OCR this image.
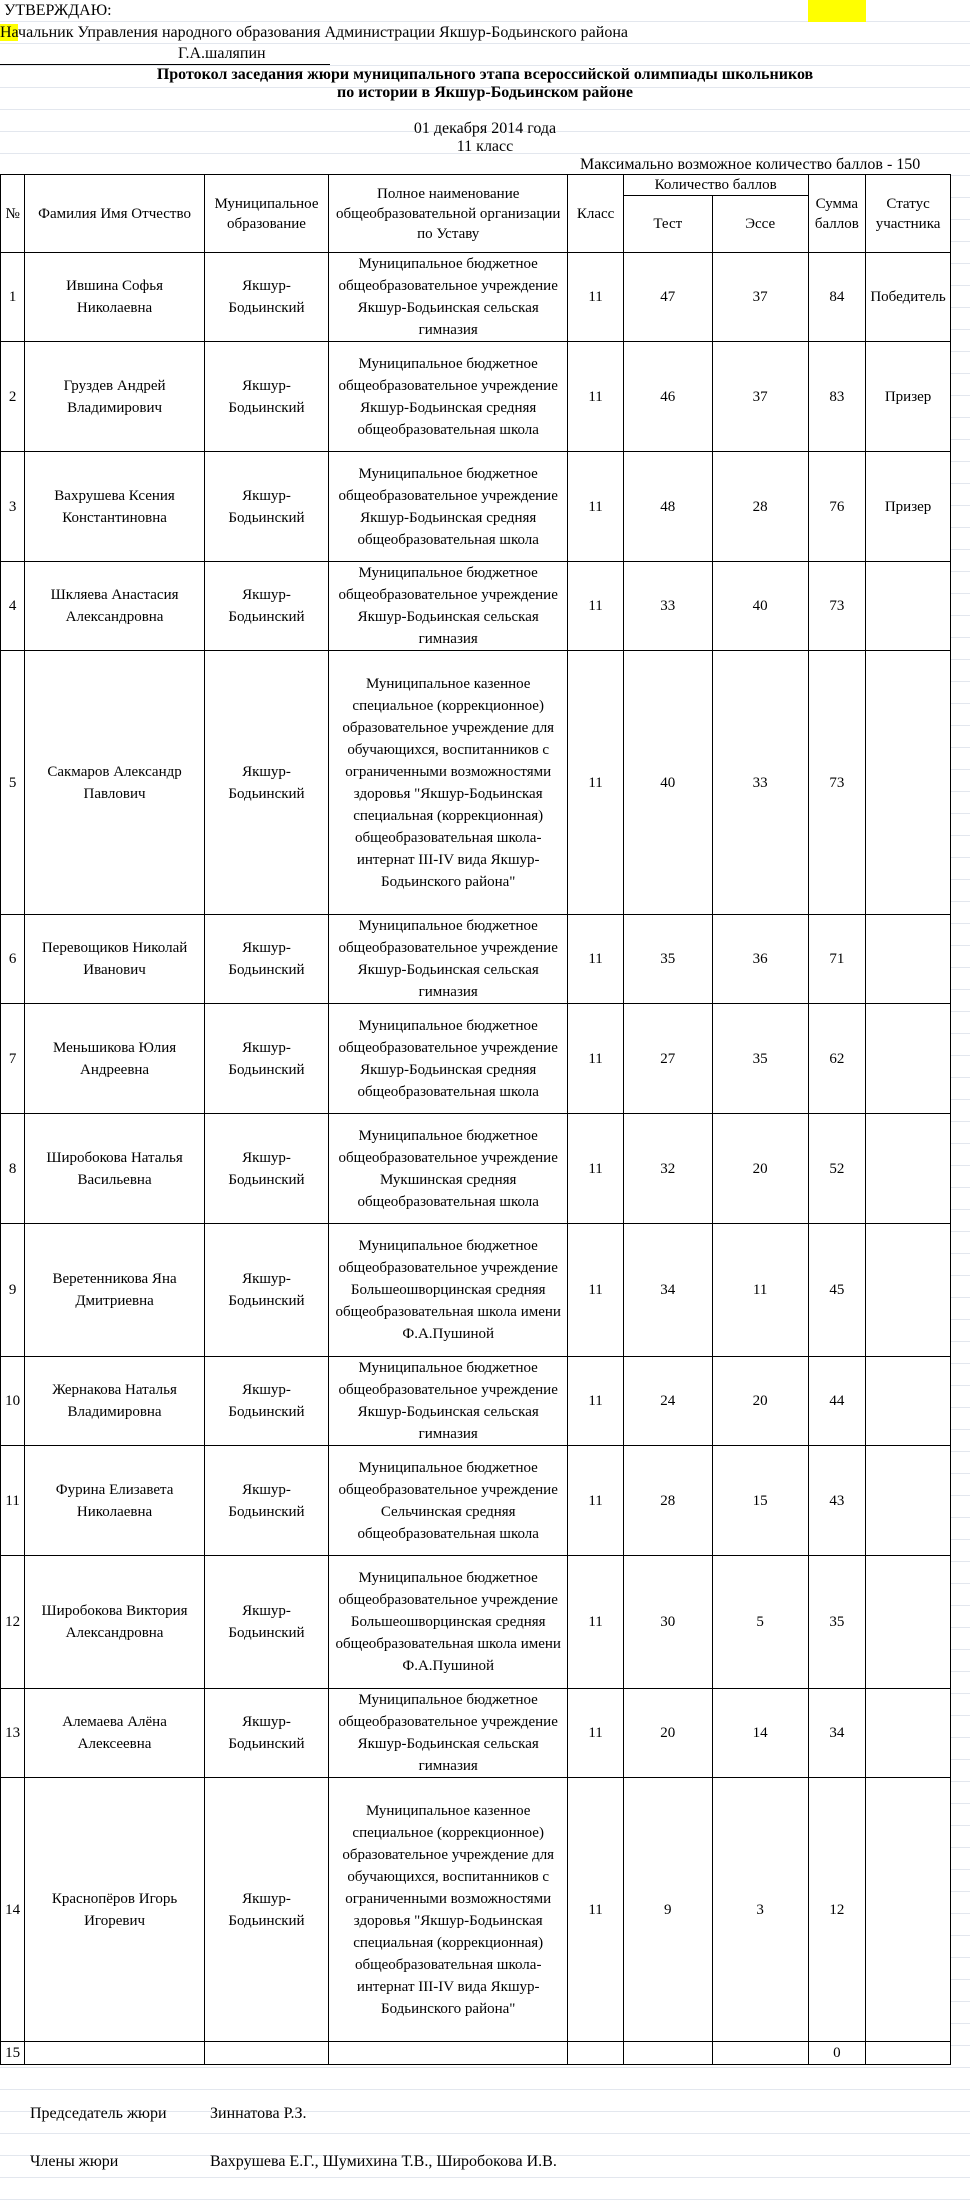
УТВЕРЖДАЮ:
Начальник Управления народного образования Администрации Якшур-Бодьинского района
Г.А.шаляпин
Протокол заседания жюри муниципального этапа всероссийской олимпиады школьников
по истории в Якшур-Бодьинском районе
01 декабря 2014 года
11 класс
Максимально возможное количество баллов - 150
№	Фамилия Имя Отчество	Муниципальное образование	Полное наименование общеобразовательной организации по Уставу	Класс	Количество баллов		Сумма баллов	Статус участника
					Тест	Эссе		
1	Ившина Софья Николаевна	Якшур-Бодьинский	Муниципальное бюджетное общеобразовательное учреждение Якшур-Бодьинская сельская гимназия	11	47	37	84	Победитель
2	Груздев Андрей Владимирович	Якшур-Бодьинский	Муниципальное бюджетное общеобразовательное учреждение Якшур-Бодьинская средняя общеобразовательная школа	11	46	37	83	Призер
3	Вахрушева Ксения Константиновна	Якшур-Бодьинский	Муниципальное бюджетное общеобразовательное учреждение Якшур-Бодьинская средняя общеобразовательная школа	11	48	28	76	Призер
4	Шкляева Анастасия Александровна	Якшур-Бодьинский	Муниципальное бюджетное общеобразовательное учреждение Якшур-Бодьинская сельская гимназия	11	33	40	73	
5	Сакмаров Александр Павлович	Якшур-Бодьинский	Муниципальное казенное специальное (коррекционное) образовательное учреждение для обучающихся, воспитанников с ограниченными возможностями здоровья "Якшур-Бодьинская специальная (коррекционная) общеобразовательная школа-интернат III-IV вида Якшур-Бодьинского района"	11	40	33	73	
6	Перевощиков Николай Иванович	Якшур-Бодьинский	Муниципальное бюджетное общеобразовательное учреждение Якшур-Бодьинская сельская гимназия	11	35	36	71	
7	Меньшикова Юлия Андреевна	Якшур-Бодьинский	Муниципальное бюджетное общеобразовательное учреждение Якшур-Бодьинская средняя общеобразовательная школа	11	27	35	62	
8	Широбокова Наталья Васильевна	Якшур-Бодьинский	Муниципальное бюджетное общеобразовательное учреждение Мукшинская средняя общеобразовательная школа	11	32	20	52	
9	Веретенникова Яна Дмитриевна	Якшур-Бодьинский	Муниципальное бюджетное общеобразовательное учреждение Большеошворцинская средняя общеобразовательная школа имени Ф.А.Пушиной	11	34	11	45	
10	Жернакова Наталья Владимировна	Якшур-Бодьинский	Муниципальное бюджетное общеобразовательное учреждение Якшур-Бодьинская сельская гимназия	11	24	20	44	
11	Фурина Елизавета Николаевна	Якшур-Бодьинский	Муниципальное бюджетное общеобразовательное учреждение Сельчинская средняя общеобразовательная школа	11	28	15	43	
12	Широбокова Виктория Александровна	Якшур-Бодьинский	Муниципальное бюджетное общеобразовательное учреждение Большеошворцинская средняя общеобразовательная школа имени Ф.А.Пушиной	11	30	5	35	
13	Алемаева Алёна Алексеевна	Якшур-Бодьинский	Муниципальное бюджетное общеобразовательное учреждение Якшур-Бодьинская сельская гимназия	11	20	14	34	
14	Краснопёров Игорь Игоревич	Якшур-Бодьинский	Муниципальное казенное специальное (коррекционное) образовательное учреждение для обучающихся, воспитанников с ограниченными возможностями здоровья "Якшур-Бодьинская специальная (коррекционная) общеобразовательная школа-интернат III-IV вида Якшур-Бодьинского района"	11	9	3	12	
15							0	
Председатель жюри	Зиннатова Р.З.
Члены жюри	Вахрушева Е.Г., Шумихина Т.В., Широбокова И.В.
